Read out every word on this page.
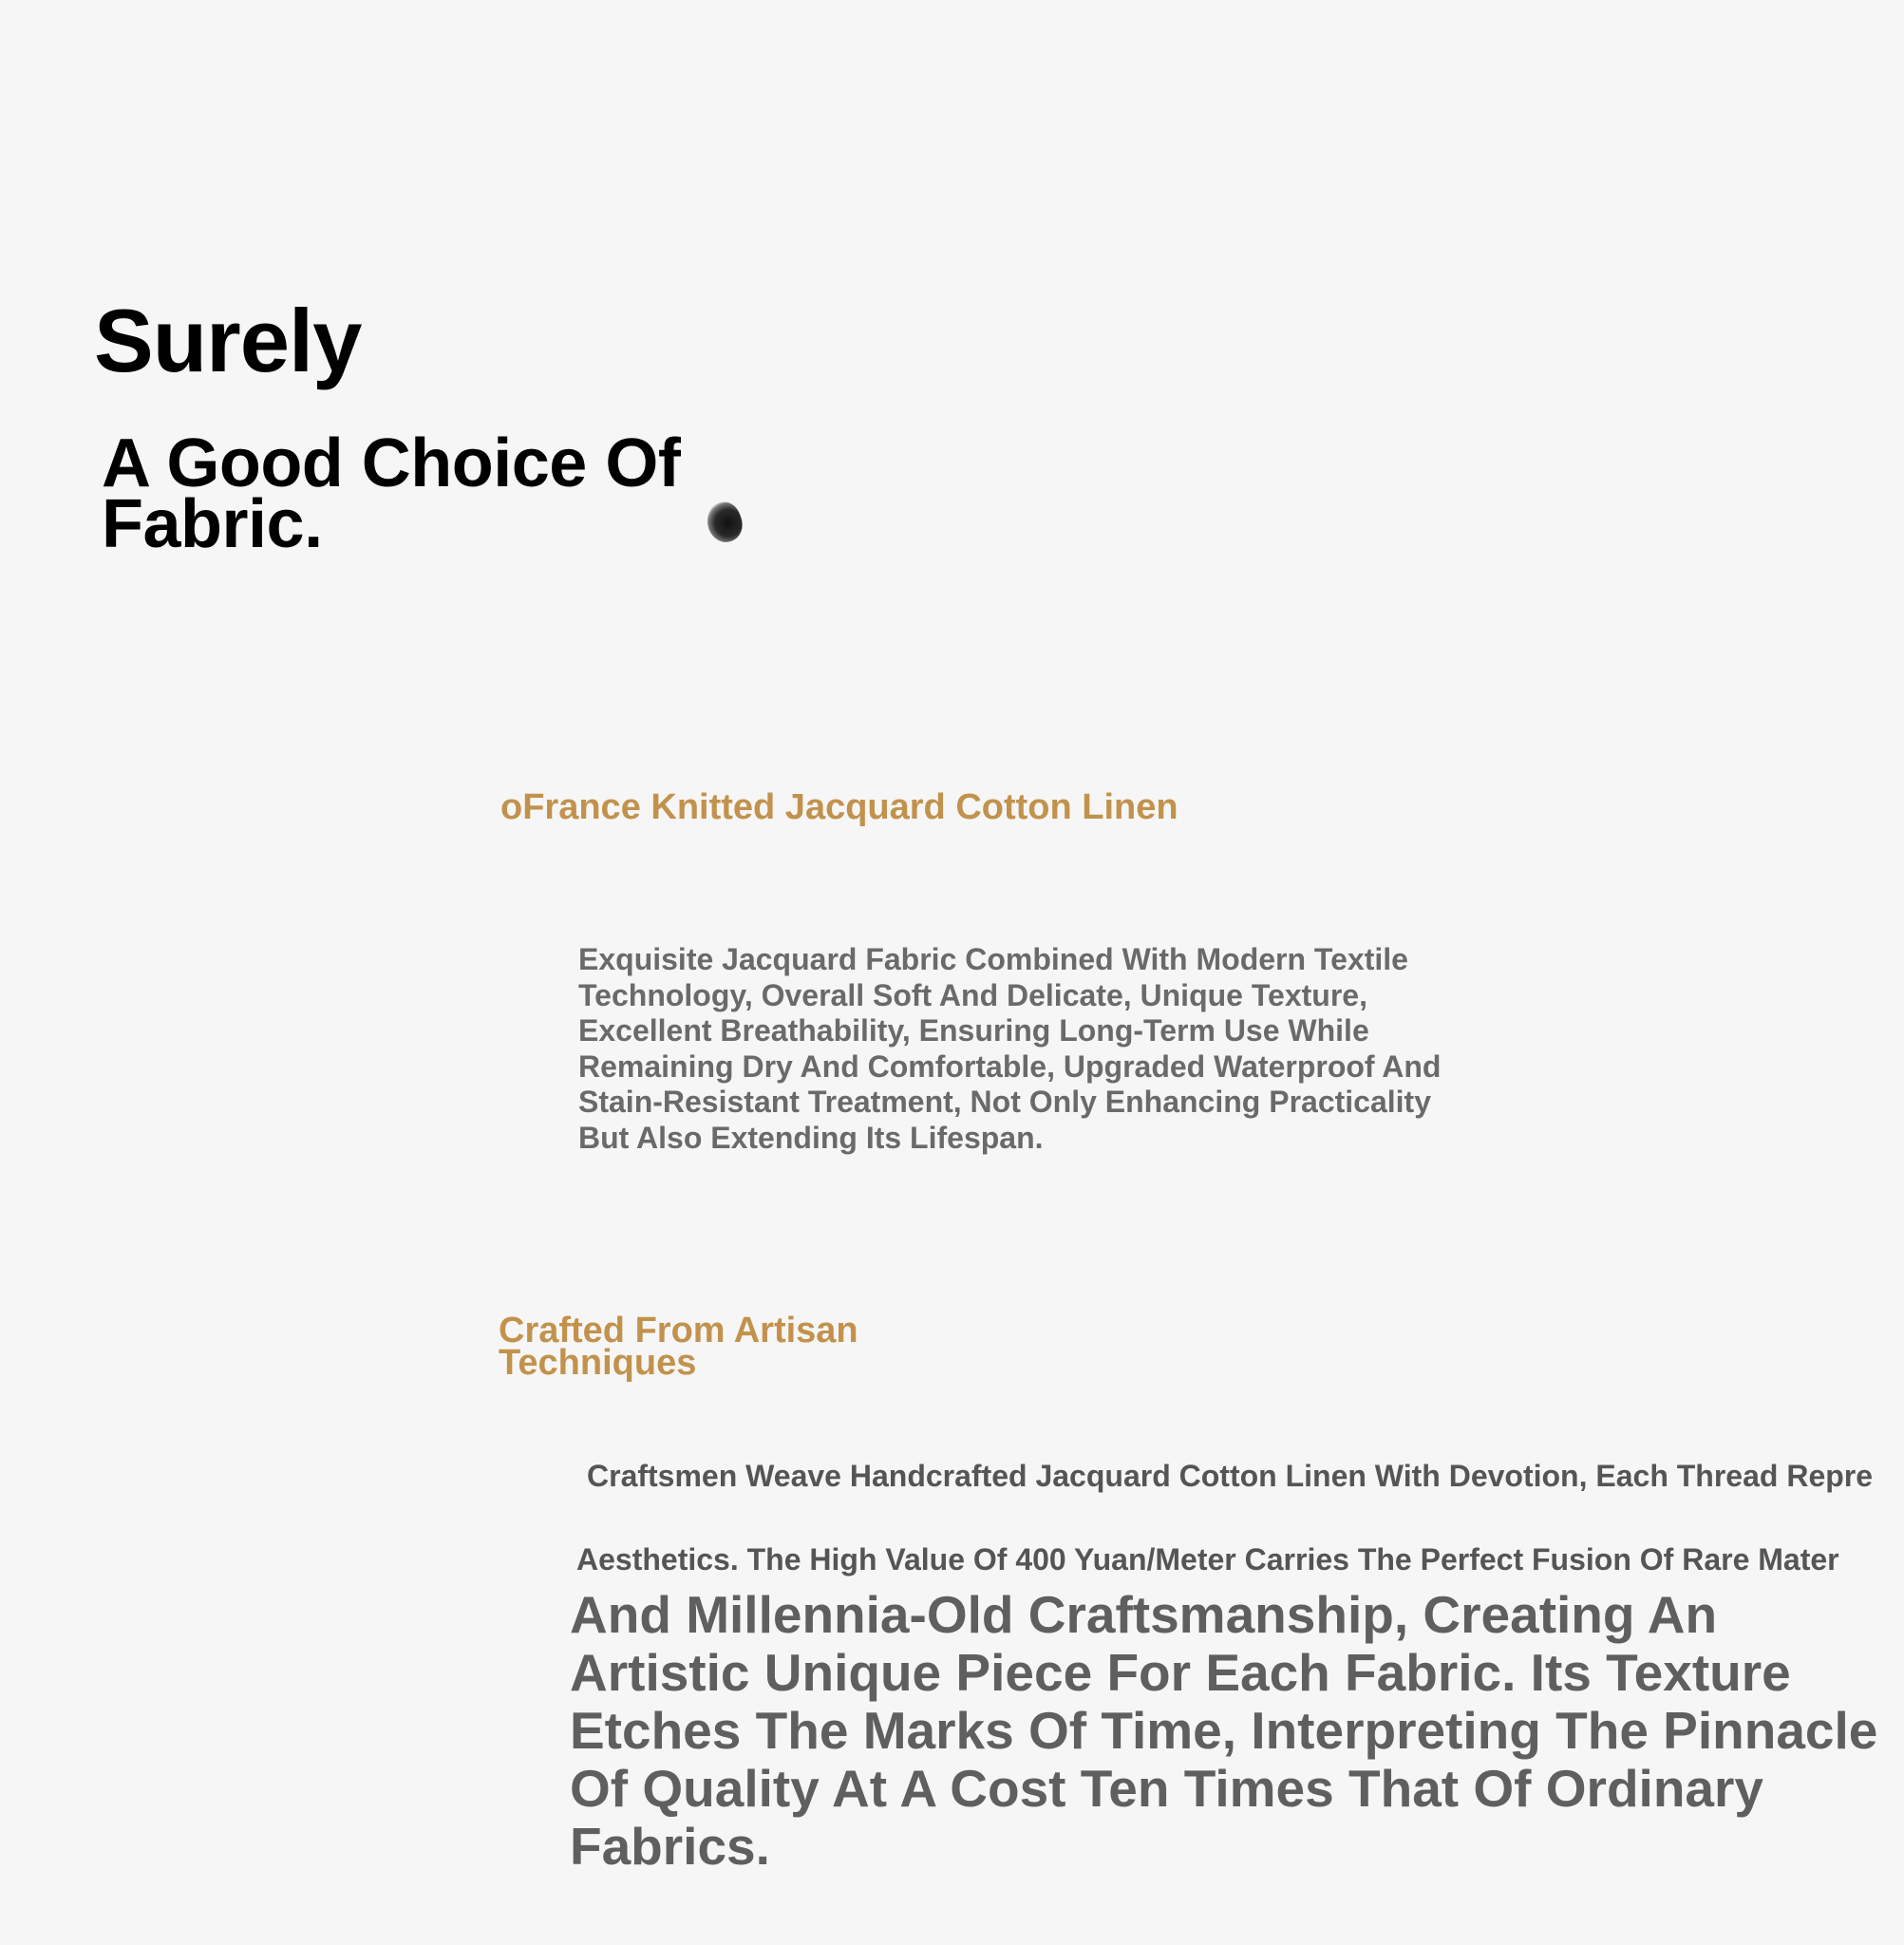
Surely
A Good Choice Of Fabric.
oFrance Knitted Jacquard Cotton Linen

Exquisite Jacquard Fabric Combined With Modern Textile Technology, Overall Soft And Delicate, Unique Texture, Excellent Breathability, Ensuring Long-Term Use While Remaining Dry And Comfortable, Upgraded Waterproof And Stain-Resistant Treatment, Not Only Enhancing Practicality But Also Extending Its Lifespan.

Crafted From Artisan Techniques

Craftsmen Weave Handcrafted Jacquard Cotton Linen With Devotion, Each Thread Repre

Aesthetics. The High Value Of 400 Yuan/Meter Carries The Perfect Fusion Of Rare Mater

And Millennia-Old Craftsmanship, Creating An Artistic Unique Piece For Each Fabric. Its Texture Etches The Marks Of Time, Interpreting The Pinnacle Of Quality At A Cost Ten Times That Of Ordinary Fabrics.
